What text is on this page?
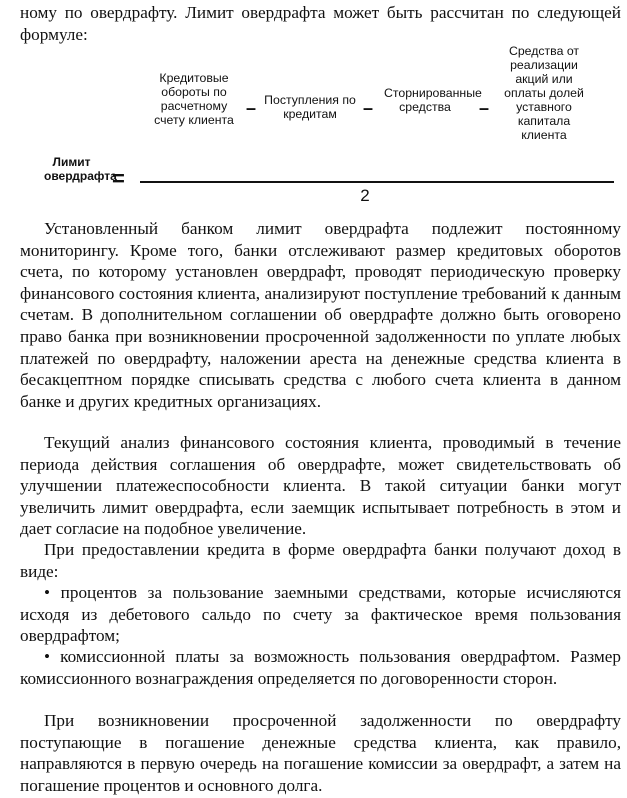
ному по овердрафту. Лимит овердрафта может быть рассчитан по следующей формуле:

Лимит овердрафта
=
Кредитовые обороты по расчетному счету клиента
– Поступления по кредитам	–
Сторнированные средства	–
Средства от реализации акций или оплаты долей уставного капитала клиента
2

Установленный банком лимит овердрафта подлежит постоянному мониторингу. Кроме того, банки отслеживают размер кредитовых оборотов счета, по которому установлен овердрафт, проводят периодическую проверку финансового состояния клиента, анализируют поступление требований к данным счетам. В дополнительном соглашении об овердрафте должно быть оговорено право банка при возникновении просроченной задолженности по уплате любых платежей по овердрафту, наложении ареста на денежные средства клиента в бесакцептном порядке списывать средства с любого счета клиента в данном банке и других кредитных организациях.

Текущий анализ финансового состояния клиента, проводимый в течение периода действия соглашения об овердрафте, может свидетельствовать об улучшении платежеспособности клиента. В такой ситуации банки могут увеличить лимит овердрафта, если заемщик испытывает потребность в этом и дает согласие на подобное увеличение.

При предоставлении кредита в форме овердрафта банки получают доход в виде:

• процентов за пользование заемными средствами, которые исчисляются исходя из дебетового сальдо по счету за фактическое время пользования овердрафтом;

• комиссионной платы за возможность пользования овердрафтом. Размер комиссионного вознаграждения определяется по договоренности сторон.

При возникновении просроченной задолженности по овердрафту поступающие в погашение денежные средства клиента, как правило, направляются в первую очередь на погашение комиссии за овердрафт, а затем на погашение процентов и основного долга.
